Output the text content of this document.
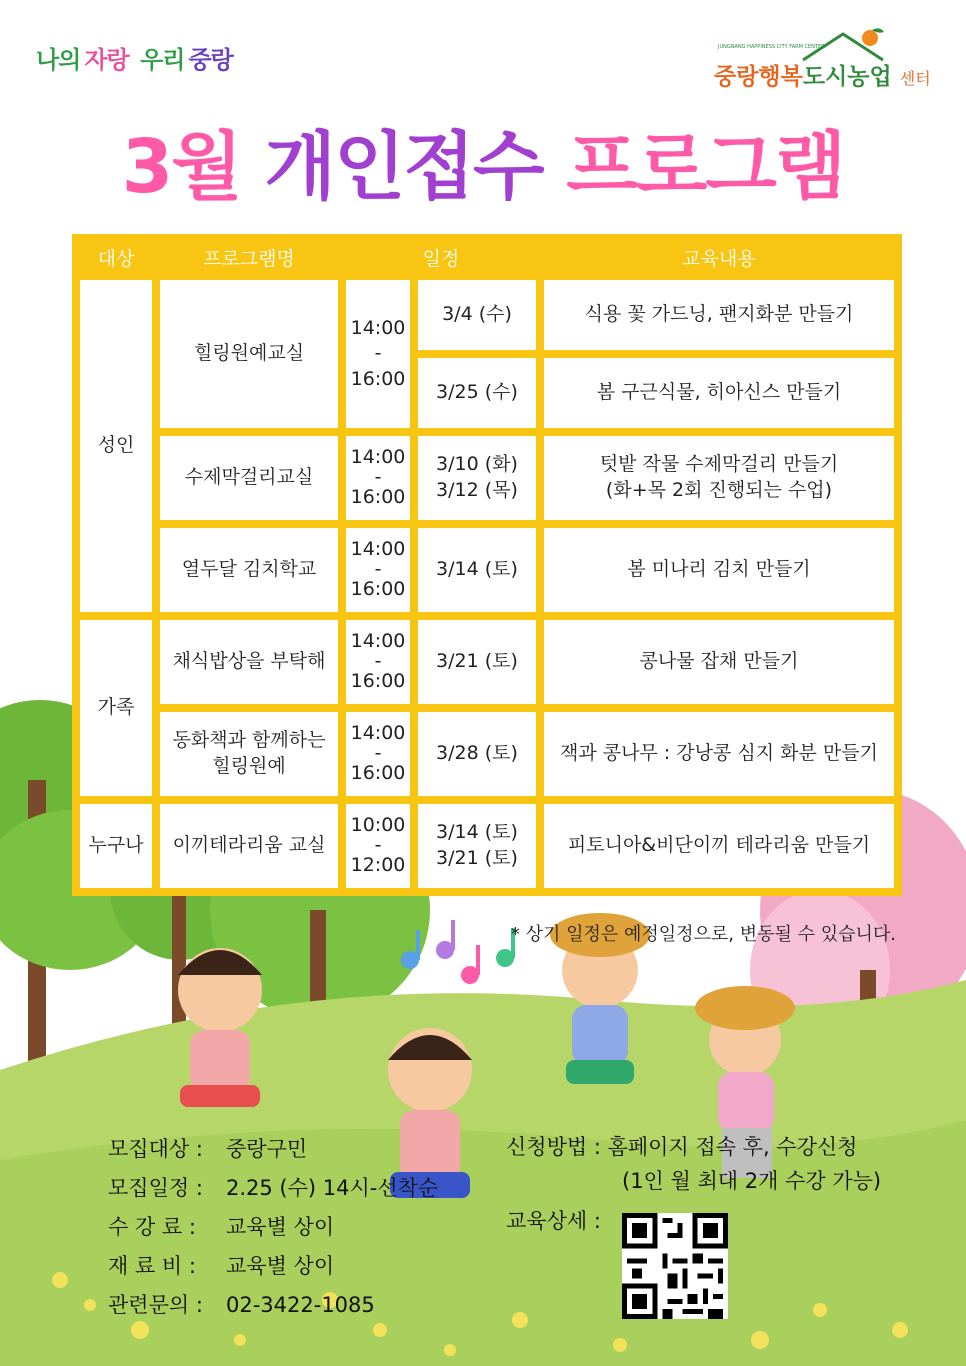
나의 자랑 우리 중랑	JUNGNANG HAPPINESS CITY FARM CENTER
중랑행복도시농업 센터
3월 개인접수 프로그램
대상	프로그램명	일정		교육내용
성인	힐링원예교실	14:00
-
16:00	3/4 (수)	식용 꽃 가드닝, 팬지화분 만들기
			3/25 (수)	봄 구근식물, 히아신스 만들기
	수제막걸리교실	14:00
-
16:00	3/10 (화)
3/12 (목)	텃밭 작물 수제막걸리 만들기
(화+목 2회 진행되는 수업)
	열두달 김치학교	14:00
-
16:00	3/14 (토)	봄 미나리 김치 만들기
가족	채식밥상을 부탁해	14:00
-
16:00	3/21 (토)	콩나물 잡채 만들기
	동화책과 함께하는
힐링원예	14:00
-
16:00	3/28 (토)	잭과 콩나무 : 강낭콩 심지 화분 만들기
누구나	이끼테라리움 교실	10:00
-
12:00	3/14 (토)
3/21 (토)	피토니아&비단이끼 테라리움 만들기
* 상기 일정은 예정일정으로, 변동될 수 있습니다.
모집대상 : 중랑구민
모집일정 : 2.25 (수) 14시-선착순
수 강 료 : 교육별 상이
재 료 비 : 교육별 상이
관련문의 : 02-3422-1085
신청방법 : 홈페이지 접속 후, 수강신청
(1인 월 최대 2개 수강 가능)
교육상세 :
